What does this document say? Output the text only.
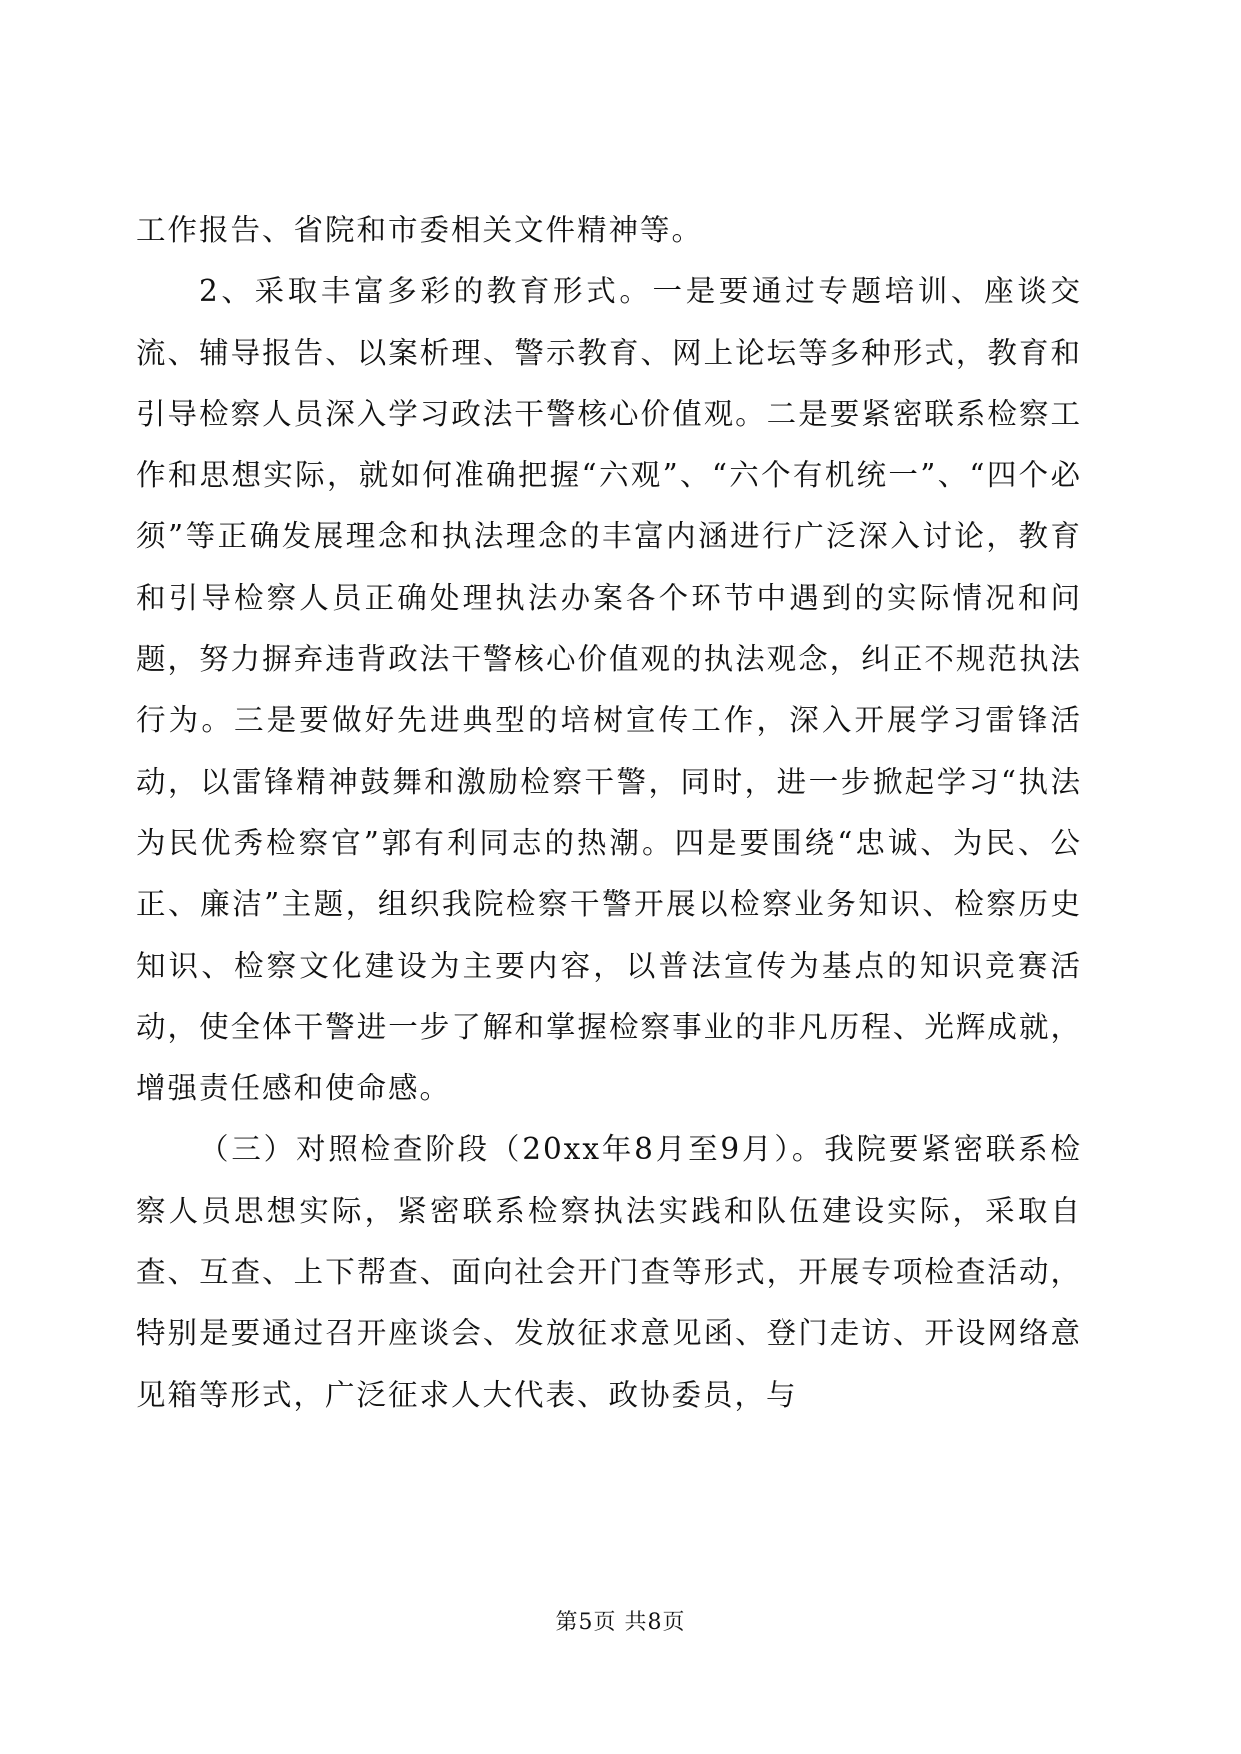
工作报告、省院和市委相关文件精神等。

2、采取丰富多彩的教育形式。一是要通过专题培训、座谈交流、辅导报告、以案析理、警示教育、网上论坛等多种形式，教育和引导检察人员深入学习政法干警核心价值观。二是要紧密联系检察工作和思想实际，就如何准确把握“六观”、“六个有机统一”、“四个必须”等正确发展理念和执法理念的丰富内涵进行广泛深入讨论，教育和引导检察人员正确处理执法办案各个环节中遇到的实际情况和问题，努力摒弃违背政法干警核心价值观的执法观念，纠正不规范执法行为。三是要做好先进典型的培树宣传工作，深入开展学习雷锋活动，以雷锋精神鼓舞和激励检察干警，同时，进一步掀起学习“执法为民优秀检察官”郭有利同志的热潮。四是要围绕“忠诚、为民、公正、廉洁”主题，组织我院检察干警开展以检察业务知识、检察历史知识、检察文化建设为主要内容，以普法宣传为基点的知识竞赛活动，使全体干警进一步了解和掌握检察事业的非凡历程、光辉成就，增强责任感和使命感。

（三）对照检查阶段（20xx年8月至9月）。我院要紧密联系检察人员思想实际，紧密联系检察执法实践和队伍建设实际，采取自查、互查、上下帮查、面向社会开门查等形式，开展专项检查活动，特别是要通过召开座谈会、发放征求意见函、登门走访、开设网络意见箱等形式，广泛征求人大代表、政协委员，与

第5页 共8页
